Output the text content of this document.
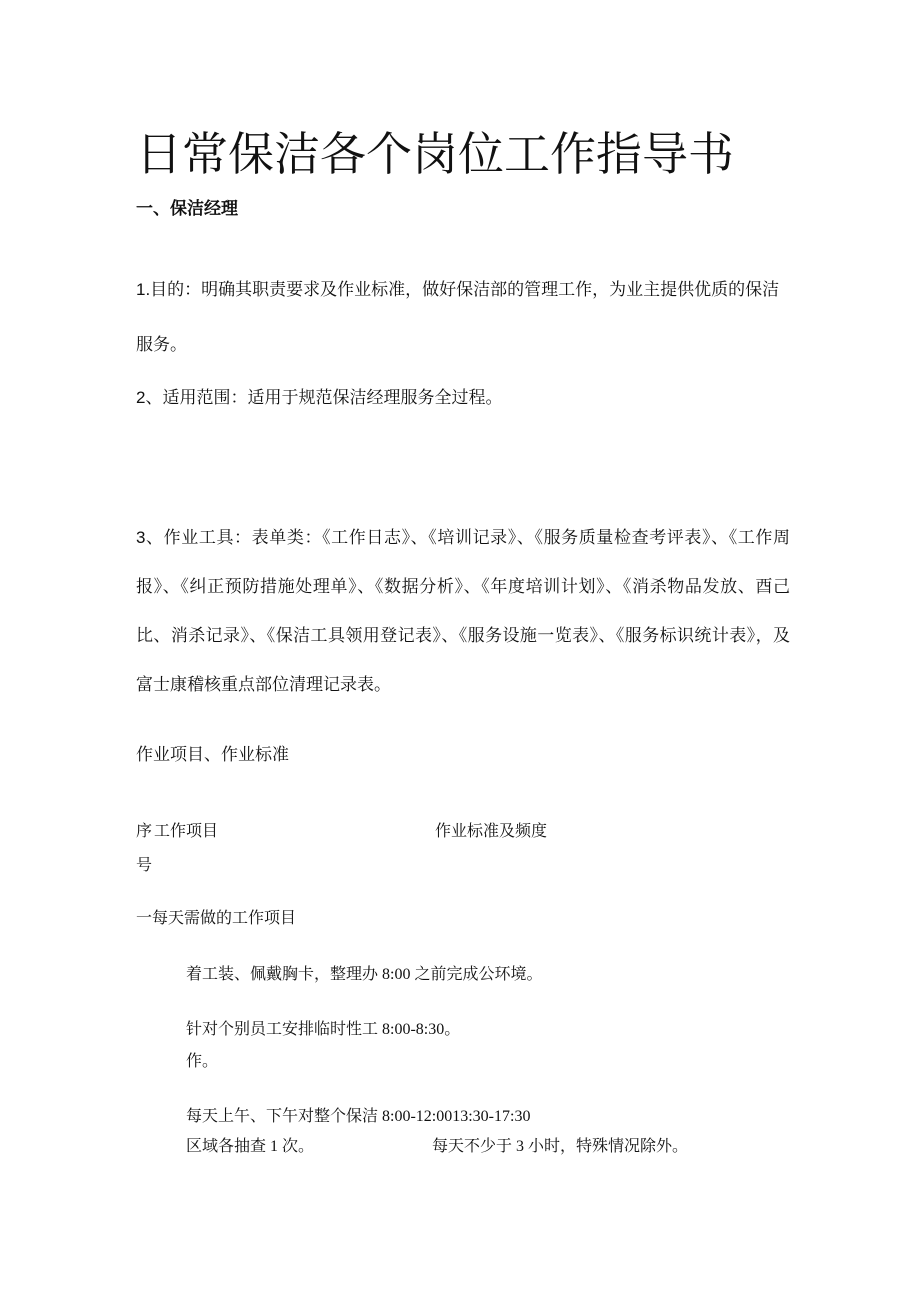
日常保洁各个岗位工作指导书
一、保洁经理
1.目的：明确其职责要求及作业标准，做好保洁部的管理工作，为业主提供优质的保洁服务。
2、适用范围：适用于规范保洁经理服务全过程。
3、作业工具：表单类：《工作日志》、《培训记录》、《服务质量检查考评表》、《工作周报》、《纠正预防措施处理单》、《数据分析》、《年度培训计划》、《消杀物品发放、酉己比、消杀记录》、《保洁工具领用登记表》、《服务设施一览表》、《服务标识统计表》，及富士康稽核重点部位清理记录表。
作业项目、作业标准
序 工作项目
号
作业标准及频度
一每天需做的工作项目
着工装、佩戴胸卡，整理办 8:00 之前完成公环境。
针对个别员工安排临时性工 8:00-8:30。
作。
每天上午、下午对整个保洁 8:00-12:0013:30-17:30
区域各抽查 1 次。	每天不少于 3 小时，特殊情况除外。
